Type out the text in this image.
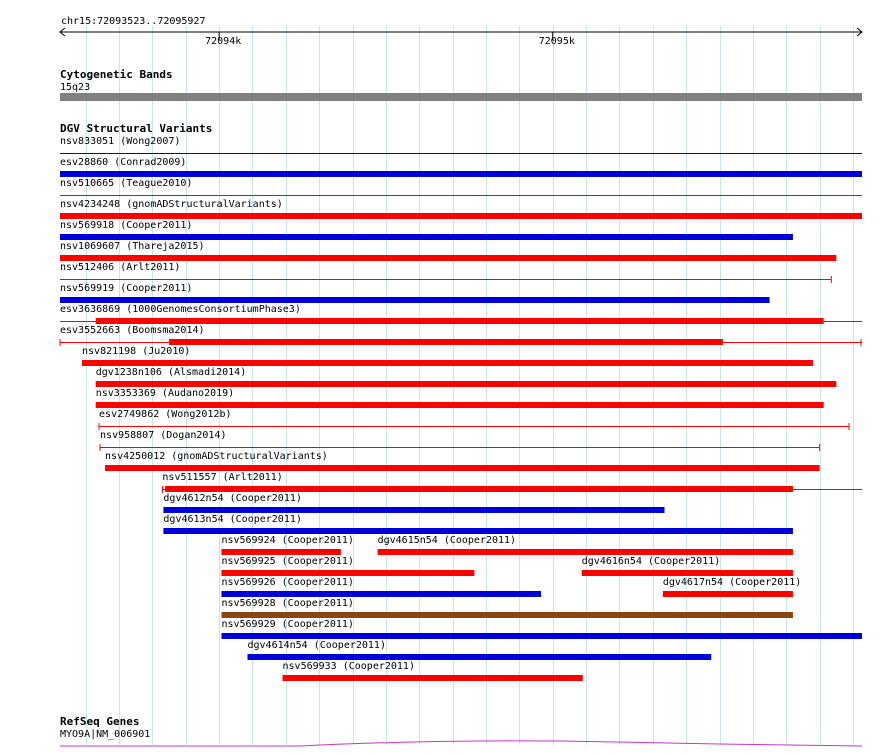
chr15:72093523..72095927
72094k	72095k
Cytogenetic Bands
15q23
DGV Structural Variants
nsv833051 (Wong2007)
esv28860 (Conrad2009)
nsv510665 (Teague2010)
nsv4234248 (gnomADStructuralVariants)
nsv569918 (Cooper2011)
nsv1069607 (Thareja2015)
nsv512406 (Arlt2011)
nsv569919 (Cooper2011)
esv3636869 (1000GenomesConsortiumPhase3)
esv3552663 (Boomsma2014)
nsv821198 (Ju2010)
dgv1238n106 (Alsmadi2014)
nsv3353369 (Audano2019)
esv2749862 (Wong2012b)
nsv958807 (Dogan2014)
nsv4250012 (gnomADStructuralVariants)
nsv511557 (Arlt2011)
dgv4612n54 (Cooper2011)
dgv4613n54 (Cooper2011)
nsv569924 (Cooper2011) dgv4615n54 (Cooper2011)
nsv569925 (Cooper2011)	dgv4616n54 (Cooper2011)
nsv569926 (Cooper2011)	dgv4617n54 (Cooper2011)
nsv569928 (Cooper2011)
nsv569929 (Cooper2011)
dgv4614n54 (Cooper2011)
nsv569933 (Cooper2011)
RefSeq Genes
MYO9A|NM_006901
